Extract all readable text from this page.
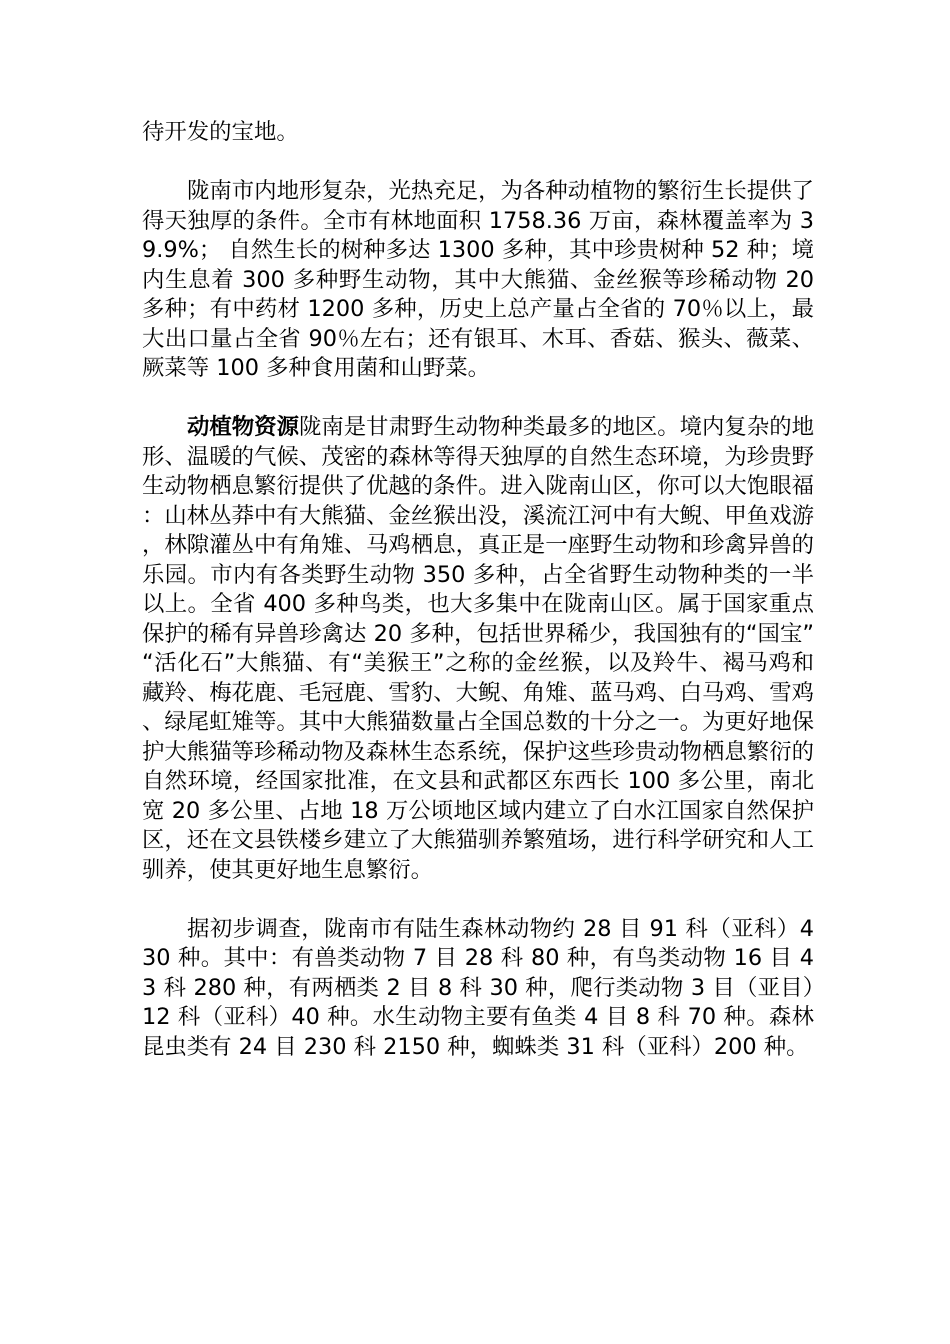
待开发的宝地。

陇南市内地形复杂，光热充足，为各种动植物的繁衍生长提供了得天独厚的条件。全市有林地面积 1758.36 万亩，森林覆盖率为 39.9%； 自然生长的树种多达 1300 多种，其中珍贵树种 52 种；境内生息着 300 多种野生动物，其中大熊猫、金丝猴等珍稀动物 20 多种；有中药材 1200 多种，历史上总产量占全省的 70％以上，最大出口量占全省 90％左右；还有银耳、木耳、香菇、猴头、薇菜、厥菜等 100 多种食用菌和山野菜。

动植物资源陇南是甘肃野生动物种类最多的地区。境内复杂的地形、温暖的气候、茂密的森林等得天独厚的自然生态环境，为珍贵野生动物栖息繁衍提供了优越的条件。进入陇南山区，你可以大饱眼福：山林丛莽中有大熊猫、金丝猴出没，溪流江河中有大鲵、甲鱼戏游，林隙灌丛中有角雉、马鸡栖息，真正是一座野生动物和珍禽异兽的乐园。市内有各类野生动物 350 多种，占全省野生动物种类的一半以上。全省 400 多种鸟类，也大多集中在陇南山区。属于国家重点保护的稀有异兽珍禽达 20 多种，包括世界稀少，我国独有的“国宝”“活化石”大熊猫、有“美猴王”之称的金丝猴，以及羚牛、褐马鸡和藏羚、梅花鹿、毛冠鹿、雪豹、大鲵、角雉、蓝马鸡、白马鸡、雪鸡、绿尾虹雉等。其中大熊猫数量占全国总数的十分之一。为更好地保护大熊猫等珍稀动物及森林生态系统，保护这些珍贵动物栖息繁衍的自然环境，经国家批准，在文县和武都区东西长 100 多公里，南北宽 20 多公里、占地 18 万公顷地区域内建立了白水江国家自然保护区，还在文县铁楼乡建立了大熊猫驯养繁殖场，进行科学研究和人工驯养，使其更好地生息繁衍。

据初步调查，陇南市有陆生森林动物约 28 目 91 科（亚科）430 种。其中：有兽类动物 7 目 28 科 80 种，有鸟类动物 16 目 43 科 280 种，有两栖类 2 目 8 科 30 种，爬行类动物 3 目（亚目）12 科（亚科）40 种。水生动物主要有鱼类 4 目 8 科 70 种。森林昆虫类有 24 目 230 科 2150 种，蜘蛛类 31 科（亚科）200 种。
